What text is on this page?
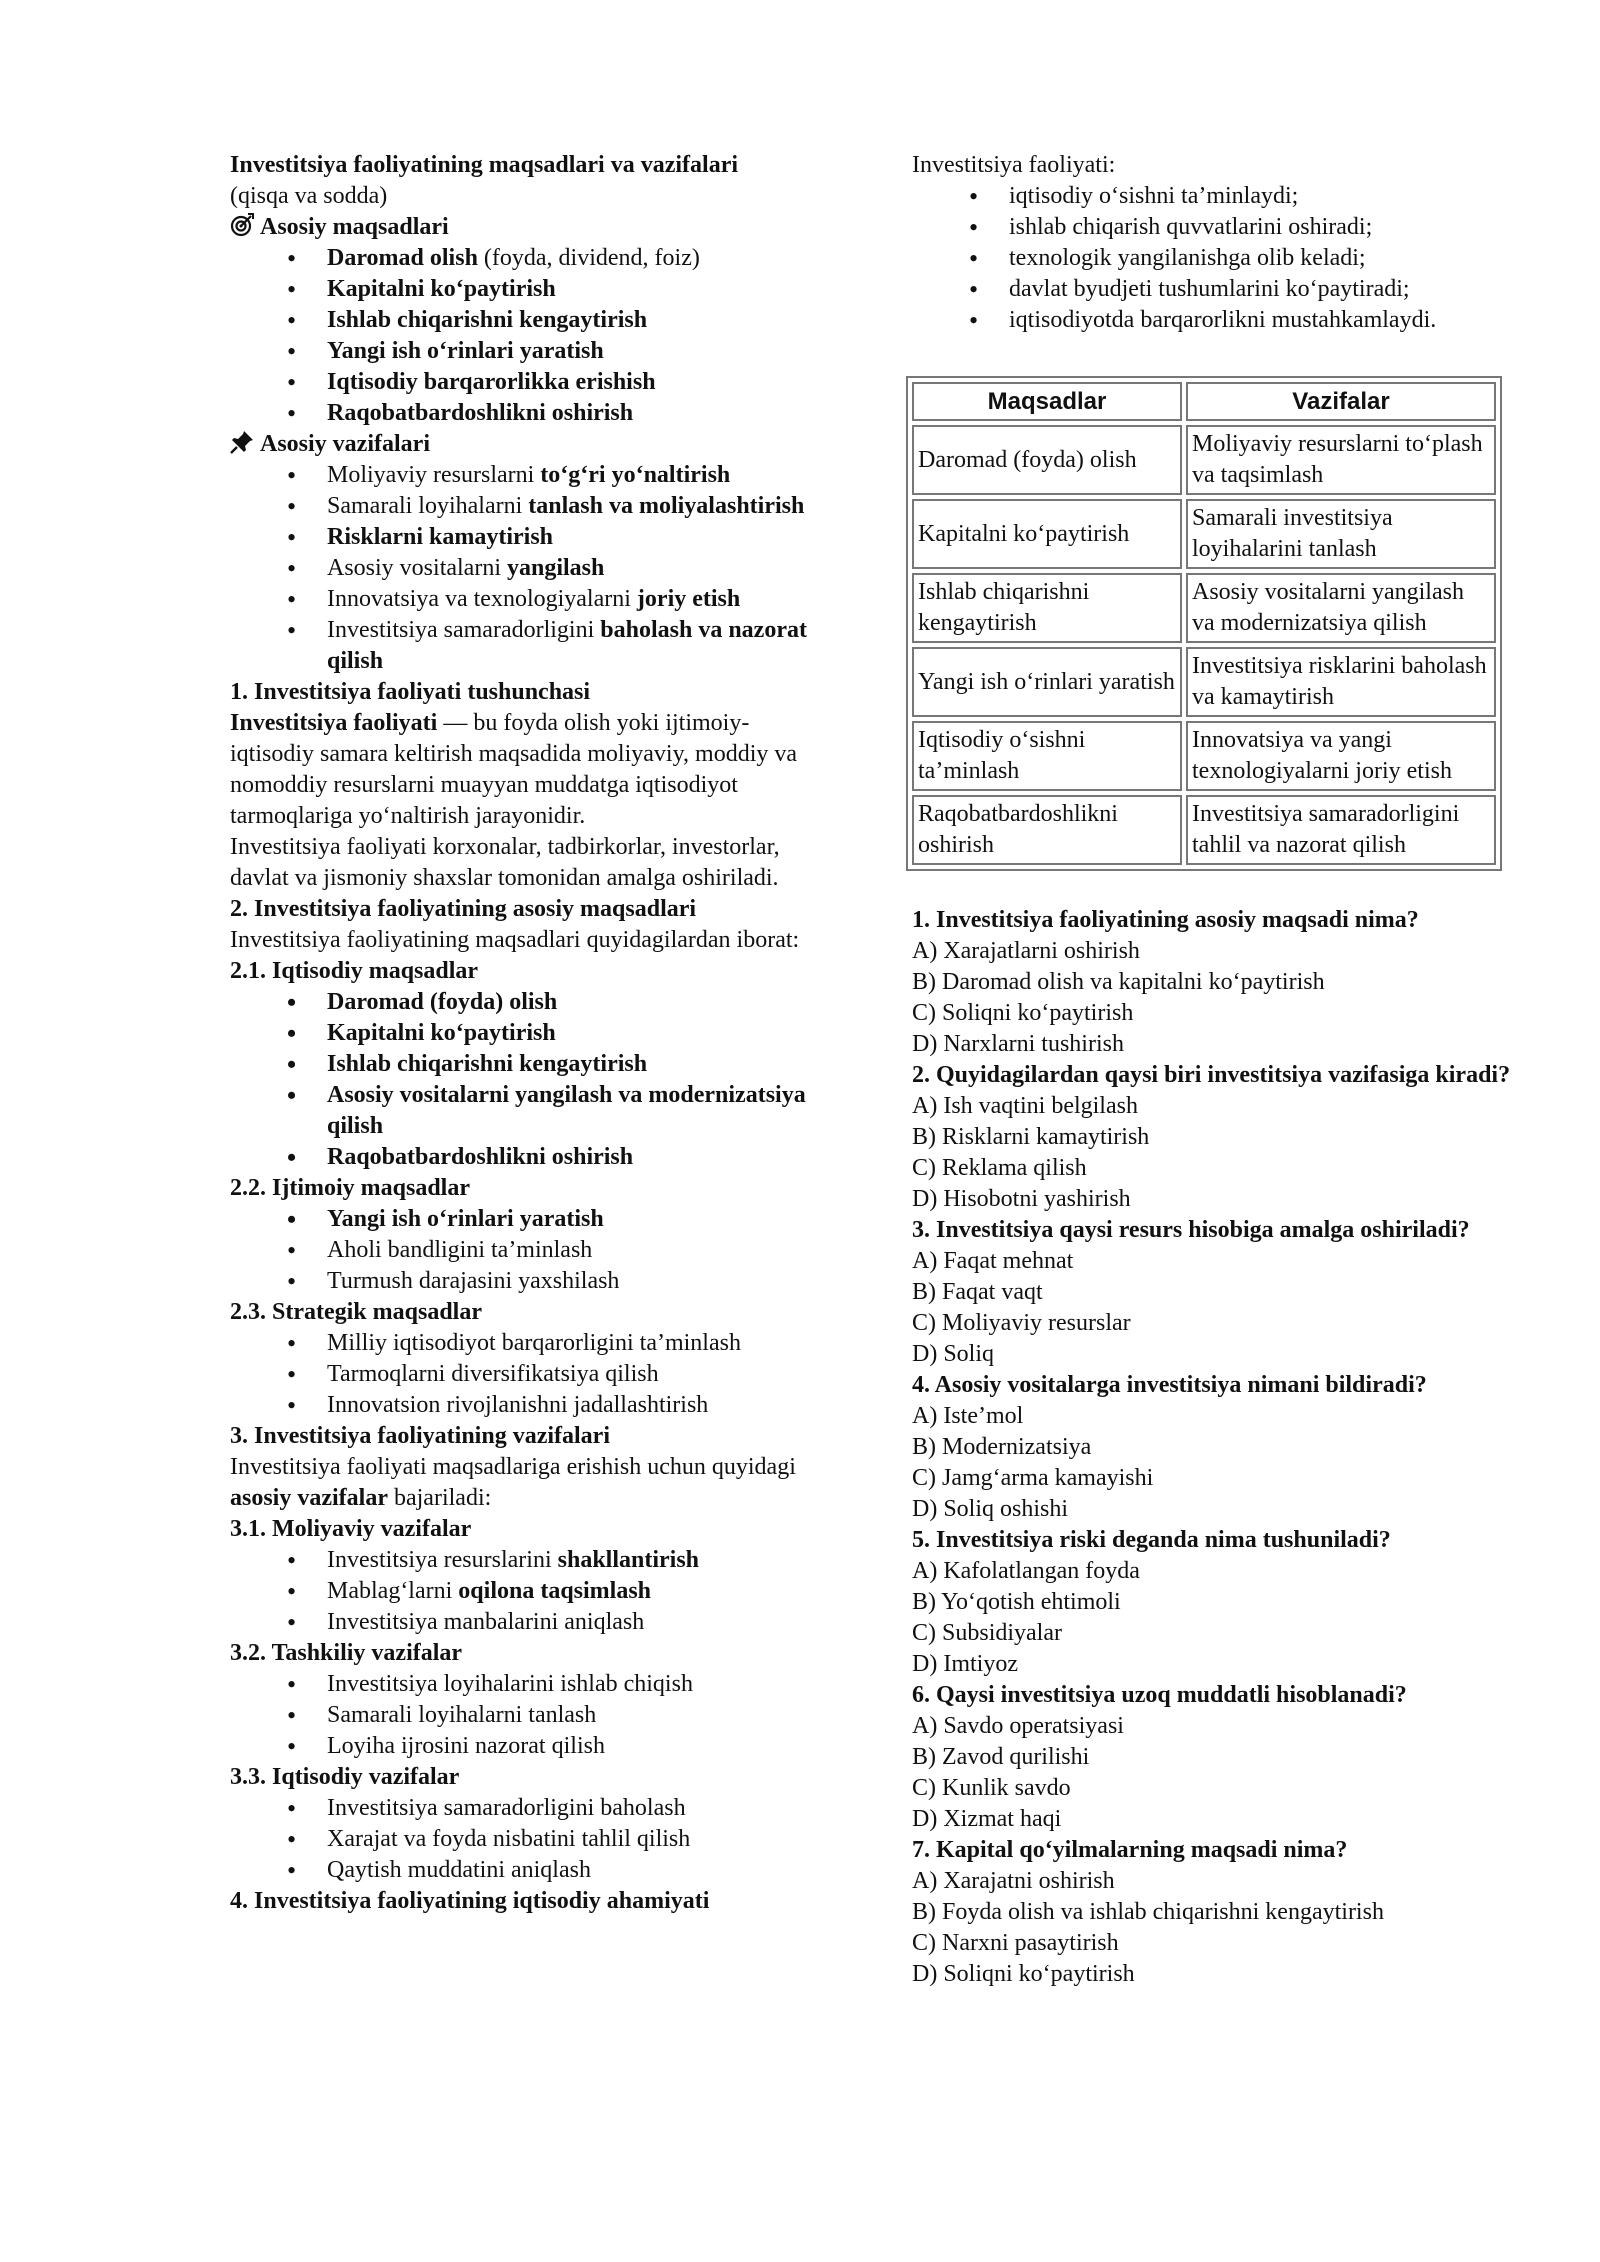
Investitsiya faoliyatining maqsadlari va vazifalari

(qisqa va sodda)

Asosiy maqsadlari

• Daromad olish (foyda, dividend, foiz)
• Kapitalni ko‘paytirish
• Ishlab chiqarishni kengaytirish
• Yangi ish o‘rinlari yaratish
• Iqtisodiy barqarorlikka erishish
• Raqobatbardoshlikni oshirish

Asosiy vazifalari

• Moliyaviy resurslarni to‘g‘ri yo‘naltirish
• Samarali loyihalarni tanlash va moliyalashtirish
• Risklarni kamaytirish
• Asosiy vositalarni yangilash
• Innovatsiya va texnologiyalarni joriy etish
• Investitsiya samaradorligini baholash va nazorat qilish

1. Investitsiya faoliyati tushunchasi

Investitsiya faoliyati — bu foyda olish yoki ijtimoiy-iqtisodiy samara keltirish maqsadida moliyaviy, moddiy va nomoddiy resurslarni muayyan muddatga iqtisodiyot tarmoqlariga yo‘naltirish jarayonidir.

Investitsiya faoliyati korxonalar, tadbirkorlar, investorlar, davlat va jismoniy shaxslar tomonidan amalga oshiriladi.

2. Investitsiya faoliyatining asosiy maqsadlari

Investitsiya faoliyatining maqsadlari quyidagilardan iborat:

2.1. Iqtisodiy maqsadlar

• Daromad (foyda) olish
• Kapitalni ko‘paytirish
• Ishlab chiqarishni kengaytirish
• Asosiy vositalarni yangilash va modernizatsiya qilish
• Raqobatbardoshlikni oshirish

2.2. Ijtimoiy maqsadlar

• Yangi ish o‘rinlari yaratish
• Aholi bandligini ta’minlash
• Turmush darajasini yaxshilash

2.3. Strategik maqsadlar

• Milliy iqtisodiyot barqarorligini ta’minlash
• Tarmoqlarni diversifikatsiya qilish
• Innovatsion rivojlanishni jadallashtirish

3. Investitsiya faoliyatining vazifalari

Investitsiya faoliyati maqsadlariga erishish uchun quyidagi asosiy vazifalar bajariladi:

3.1. Moliyaviy vazifalar

• Investitsiya resurslarini shakllantirish
• Mablag‘larni oqilona taqsimlash
• Investitsiya manbalarini aniqlash

3.2. Tashkiliy vazifalar

• Investitsiya loyihalarini ishlab chiqish
• Samarali loyihalarni tanlash
• Loyiha ijrosini nazorat qilish

3.3. Iqtisodiy vazifalar

• Investitsiya samaradorligini baholash
• Xarajat va foyda nisbatini tahlil qilish
• Qaytish muddatini aniqlash

4. Investitsiya faoliyatining iqtisodiy ahamiyati

Investitsiya faoliyati:

• iqtisodiy o‘sishni ta’minlaydi;
• ishlab chiqarish quvvatlarini oshiradi;
• texnologik yangilanishga olib keladi;
• davlat byudjeti tushumlarini ko‘paytiradi;
• iqtisodiyotda barqarorlikni mustahkamlaydi.
Maqsadlar	Vazifalar
Daromad (foyda) olish	Moliyaviy resurslarni to‘plash va taqsimlash
Kapitalni ko‘paytirish	Samarali investitsiya loyihalarini tanlash
Ishlab chiqarishni kengaytirish	Asosiy vositalarni yangilash va modernizatsiya qilish
Yangi ish o‘rinlari yaratish	Investitsiya risklarini baholash va kamaytirish
Iqtisodiy o‘sishni ta’minlash	Innovatsiya va yangi texnologiyalarni joriy etish
Raqobatbardoshlikni oshirish	Investitsiya samaradorligini tahlil va nazorat qilish

1. Investitsiya faoliyatining asosiy maqsadi nima?

A) Xarajatlarni oshirish

B) Daromad olish va kapitalni ko‘paytirish

C) Soliqni ko‘paytirish

D) Narxlarni tushirish

2. Quyidagilardan qaysi biri investitsiya vazifasiga kiradi?

A) Ish vaqtini belgilash

B) Risklarni kamaytirish

C) Reklama qilish

D) Hisobotni yashirish

3. Investitsiya qaysi resurs hisobiga amalga oshiriladi?

A) Faqat mehnat

B) Faqat vaqt

C) Moliyaviy resurslar

D) Soliq

4. Asosiy vositalarga investitsiya nimani bildiradi?

A) Iste’mol

B) Modernizatsiya

C) Jamg‘arma kamayishi

D) Soliq oshishi

5. Investitsiya riski deganda nima tushuniladi?

A) Kafolatlangan foyda

B) Yo‘qotish ehtimoli

C) Subsidiyalar

D) Imtiyoz

6. Qaysi investitsiya uzoq muddatli hisoblanadi?

A) Savdo operatsiyasi

B) Zavod qurilishi

C) Kunlik savdo

D) Xizmat haqi

7. Kapital qo‘yilmalarning maqsadi nima?

A) Xarajatni oshirish

B) Foyda olish va ishlab chiqarishni kengaytirish

C) Narxni pasaytirish

D) Soliqni ko‘paytirish
